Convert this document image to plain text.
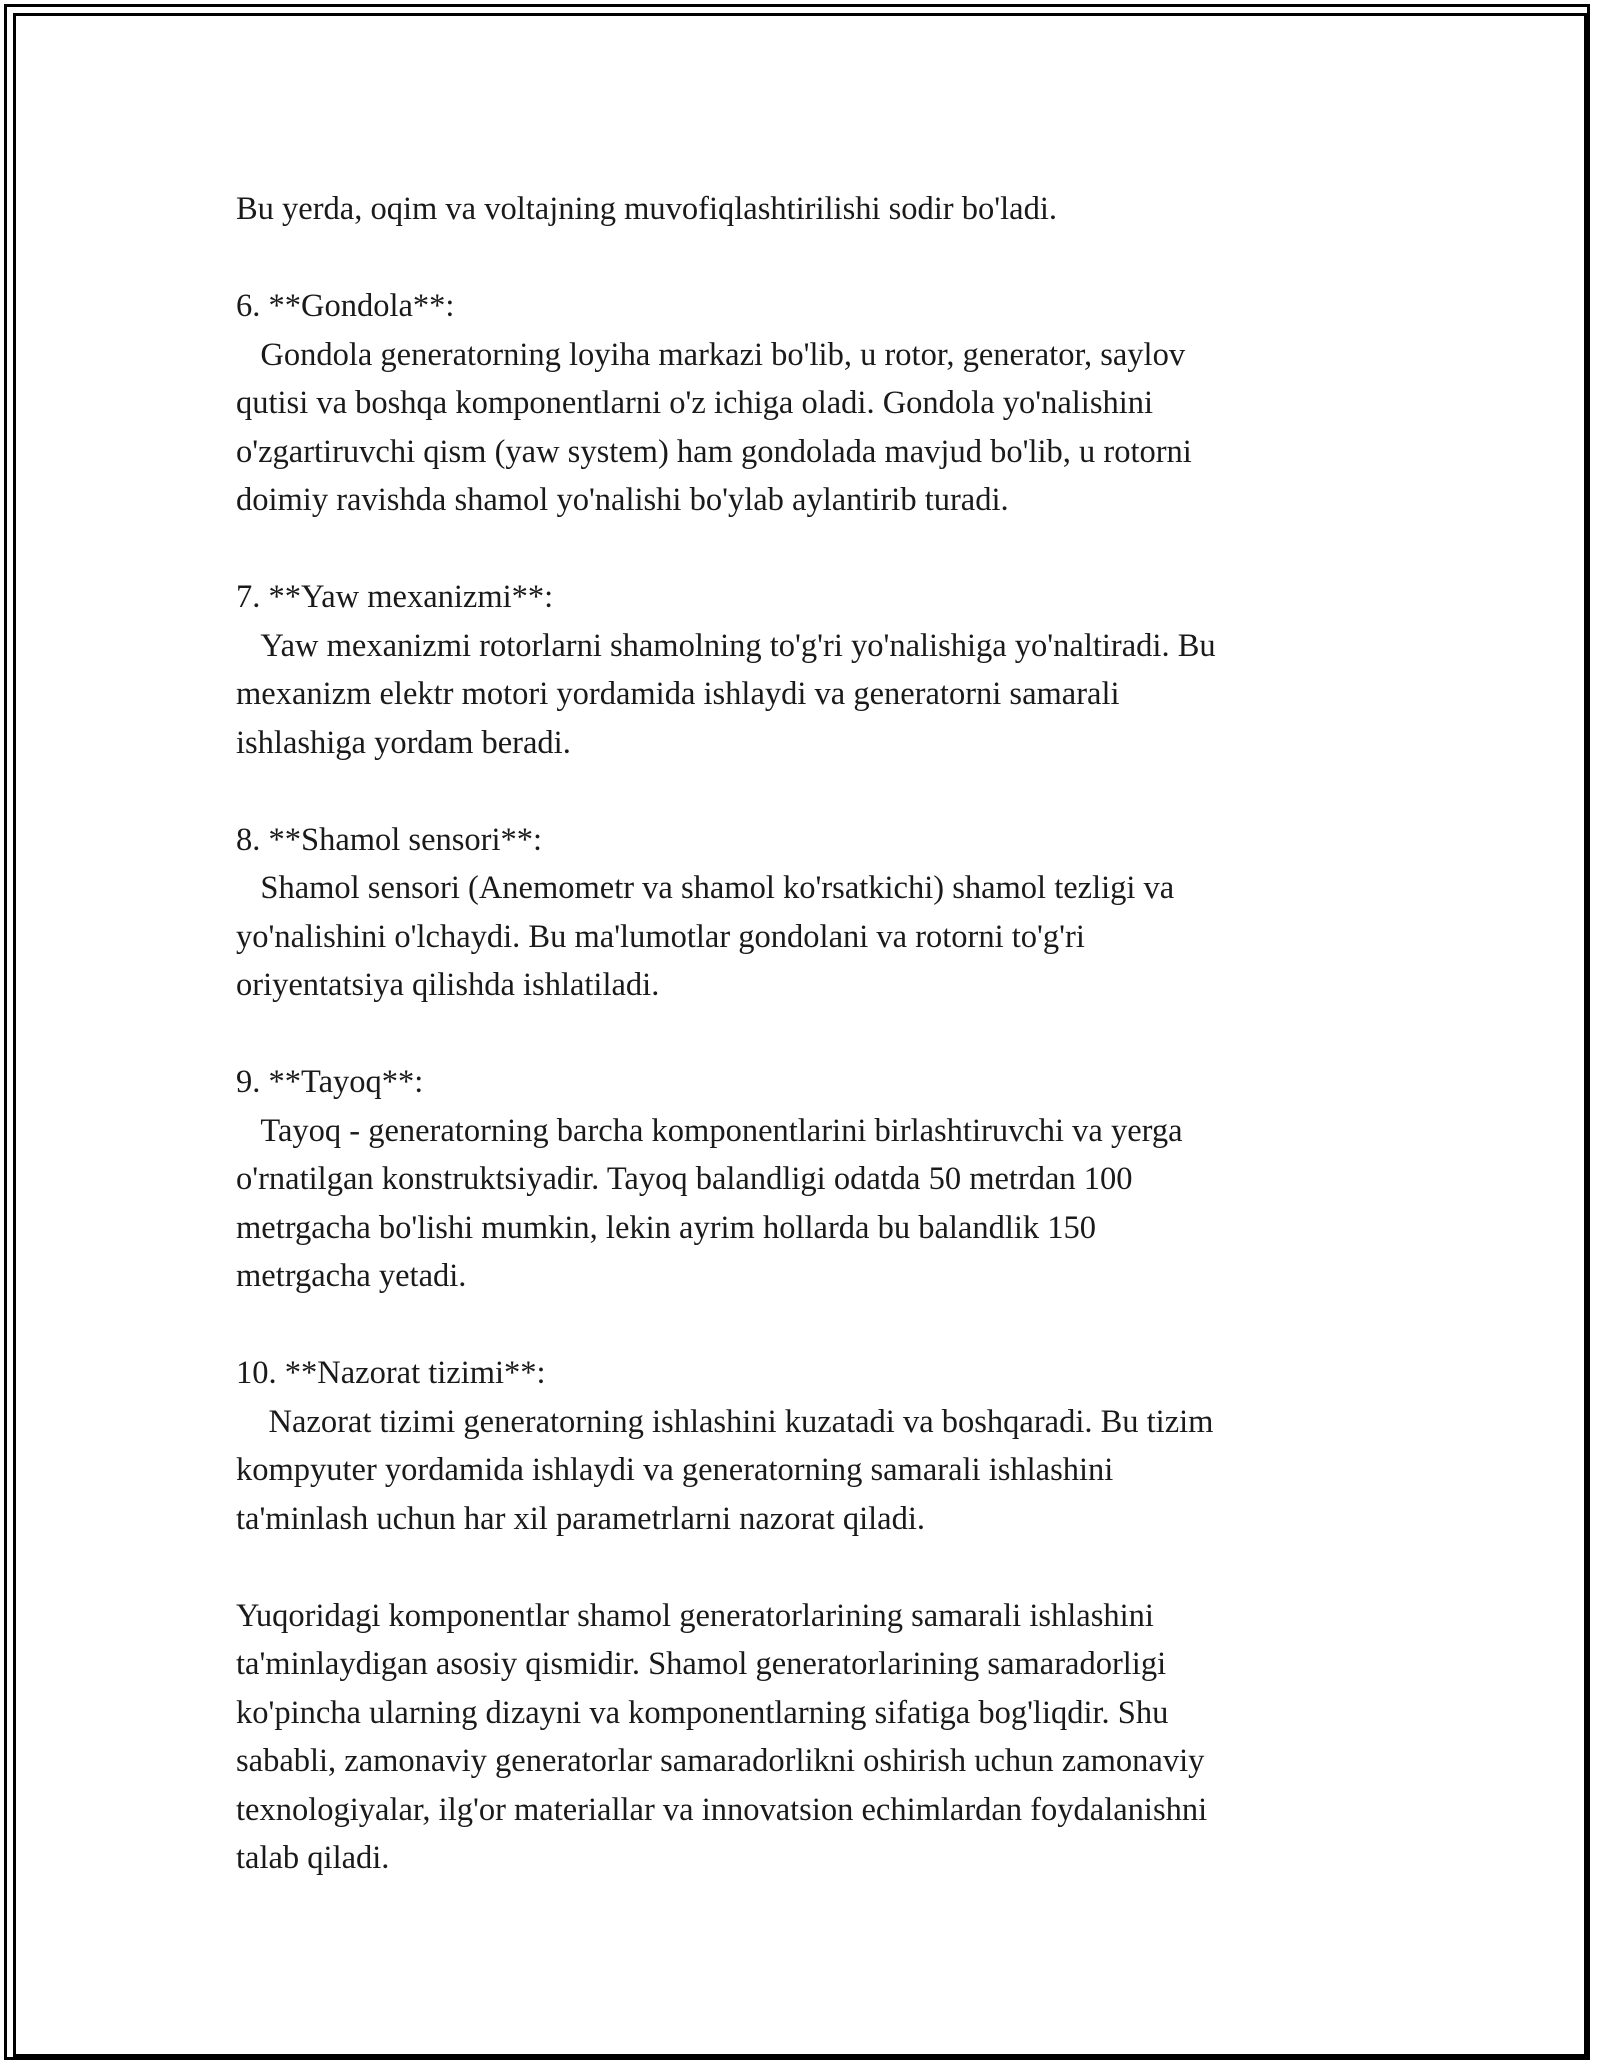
Bu yerda, oqim va voltajning muvofiqlashtirilishi sodir bo'ladi.

6. **Gondola**:

Gondola generatorning loyiha markazi bo'lib, u rotor, generator, saylov
qutisi va boshqa komponentlarni o'z ichiga oladi. Gondola yo'nalishini
o'zgartiruvchi qism (yaw system) ham gondolada mavjud bo'lib, u rotorni
doimiy ravishda shamol yo'nalishi bo'ylab aylantirib turadi.

7. **Yaw mexanizmi**:

Yaw mexanizmi rotorlarni shamolning to'g'ri yo'nalishiga yo'naltiradi. Bu
mexanizm elektr motori yordamida ishlaydi va generatorni samarali
ishlashiga yordam beradi.

8. **Shamol sensori**:

Shamol sensori (Anemometr va shamol ko'rsatkichi) shamol tezligi va
yo'nalishini o'lchaydi. Bu ma'lumotlar gondolani va rotorni to'g'ri
oriyentatsiya qilishda ishlatiladi.

9. **Tayoq**:

Tayoq - generatorning barcha komponentlarini birlashtiruvchi va yerga
o'rnatilgan konstruktsiyadir. Tayoq balandligi odatda 50 metrdan 100
metrgacha bo'lishi mumkin, lekin ayrim hollarda bu balandlik 150
metrgacha yetadi.

10. **Nazorat tizimi**:

Nazorat tizimi generatorning ishlashini kuzatadi va boshqaradi. Bu tizim
kompyuter yordamida ishlaydi va generatorning samarali ishlashini
ta'minlash uchun har xil parametrlarni nazorat qiladi.

Yuqoridagi komponentlar shamol generatorlarining samarali ishlashini
ta'minlaydigan asosiy qismidir. Shamol generatorlarining samaradorligi
ko'pincha ularning dizayni va komponentlarning sifatiga bog'liqdir. Shu
sababli, zamonaviy generatorlar samaradorlikni oshirish uchun zamonaviy
texnologiyalar, ilg'or materiallar va innovatsion echimlardan foydalanishni
talab qiladi.
